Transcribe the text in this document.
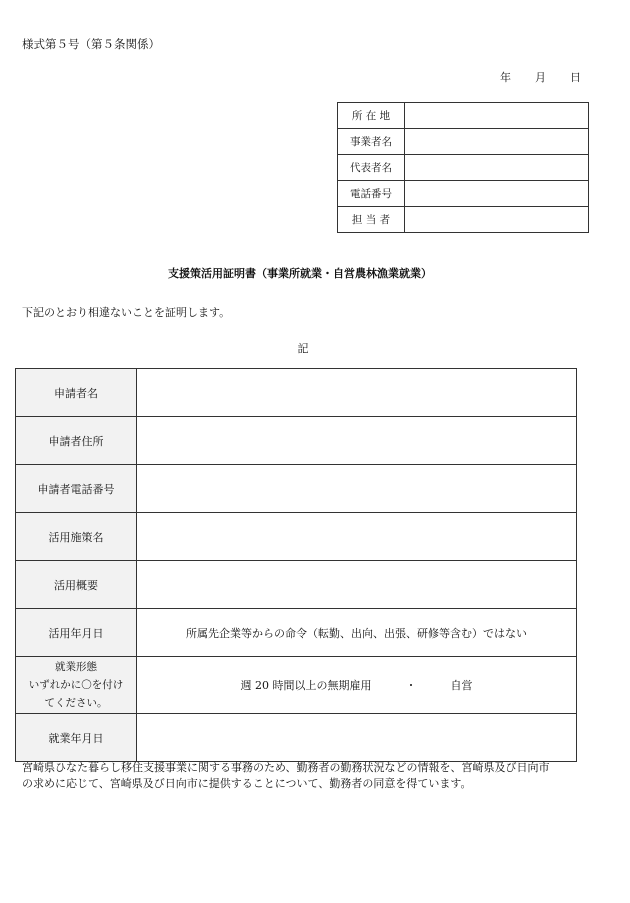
様式第５号（第５条関係）
年 月 日
所 在 地	
事業者名	
代表者名	
電話番号	
担 当 者	
支援策活用証明書（事業所就業・自営農林漁業就業）
下記のとおり相違ないことを証明します。
記
申請者名	
申請者住所	
申請者電話番号	
活用施策名	
活用概要	
活用年月日	所属先企業等からの命令（転勤、出向、出張、研修等含む）ではない

就業形態
いずれかに〇を付け
てください。	週 20 時間以上の無期雇用 ・ 自営
就業年月日	
宮崎県ひなた暮らし移住支援事業に関する事務のため、勤務者の勤務状況などの情報を、宮崎県及び日向市
の求めに応じて、宮崎県及び日向市に提供することについて、勤務者の同意を得ています。
